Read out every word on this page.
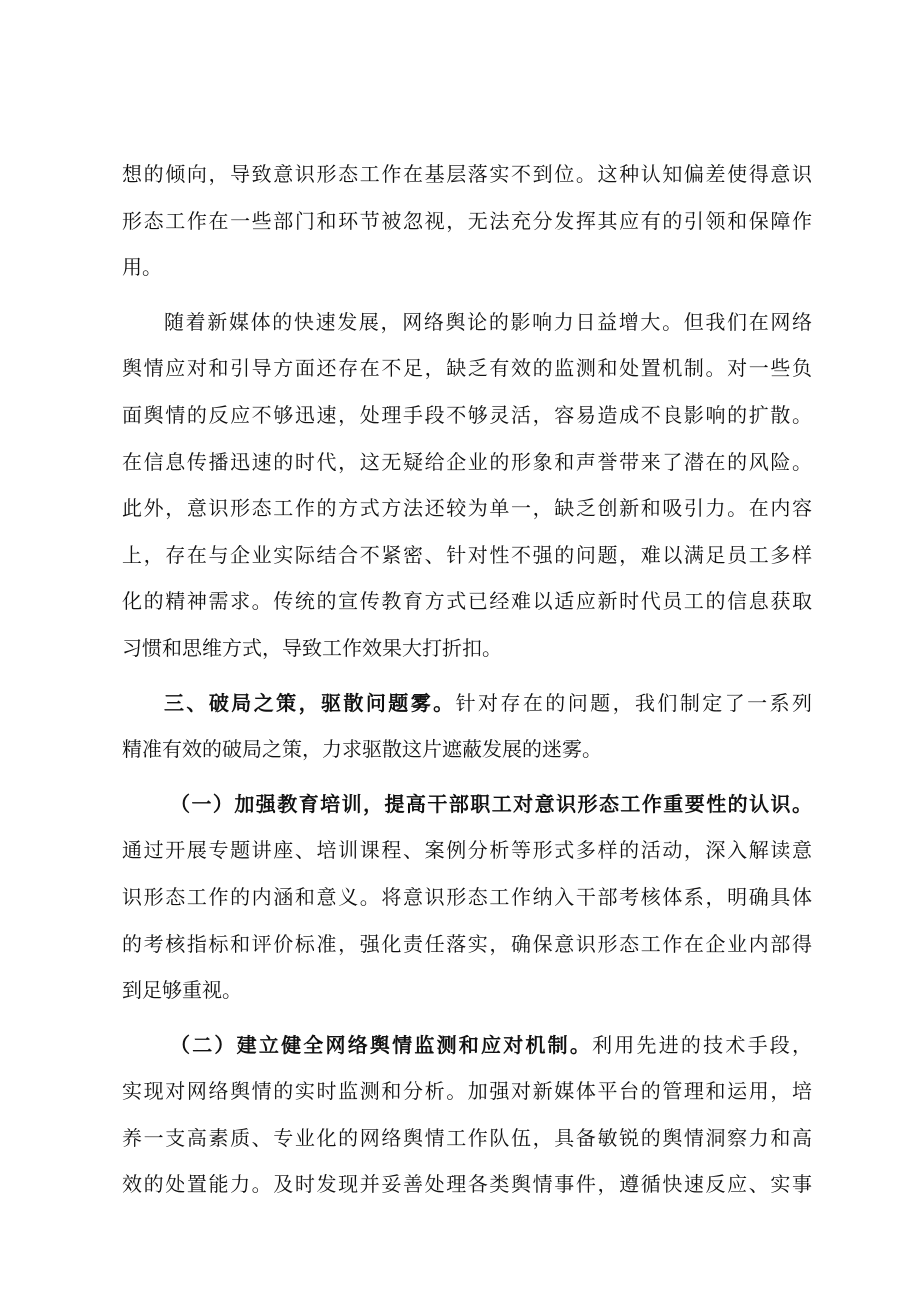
想的倾向，导致意识形态工作在基层落实不到位。这种认知偏差使得意识
形态工作在一些部门和环节被忽视，无法充分发挥其应有的引领和保障作
用。
随着新媒体的快速发展，网络舆论的影响力日益增大。但我们在网络
舆情应对和引导方面还存在不足，缺乏有效的监测和处置机制。对一些负
面舆情的反应不够迅速，处理手段不够灵活，容易造成不良影响的扩散。
在信息传播迅速的时代，这无疑给企业的形象和声誉带来了潜在的风险。
此外，意识形态工作的方式方法还较为单一，缺乏创新和吸引力。在内容
上，存在与企业实际结合不紧密、针对性不强的问题，难以满足员工多样
化的精神需求。传统的宣传教育方式已经难以适应新时代员工的信息获取
习惯和思维方式，导致工作效果大打折扣。
三、破局之策，驱散问题雾。针对存在的问题，我们制定了一系列
精准有效的破局之策，力求驱散这片遮蔽发展的迷雾。
（一）加强教育培训，提高干部职工对意识形态工作重要性的认识。
通过开展专题讲座、培训课程、案例分析等形式多样的活动，深入解读意
识形态工作的内涵和意义。将意识形态工作纳入干部考核体系，明确具体
的考核指标和评价标准，强化责任落实，确保意识形态工作在企业内部得
到足够重视。
（二）建立健全网络舆情监测和应对机制。利用先进的技术手段，
实现对网络舆情的实时监测和分析。加强对新媒体平台的管理和运用，培
养一支高素质、专业化的网络舆情工作队伍，具备敏锐的舆情洞察力和高
效的处置能力。及时发现并妥善处理各类舆情事件，遵循快速反应、实事
